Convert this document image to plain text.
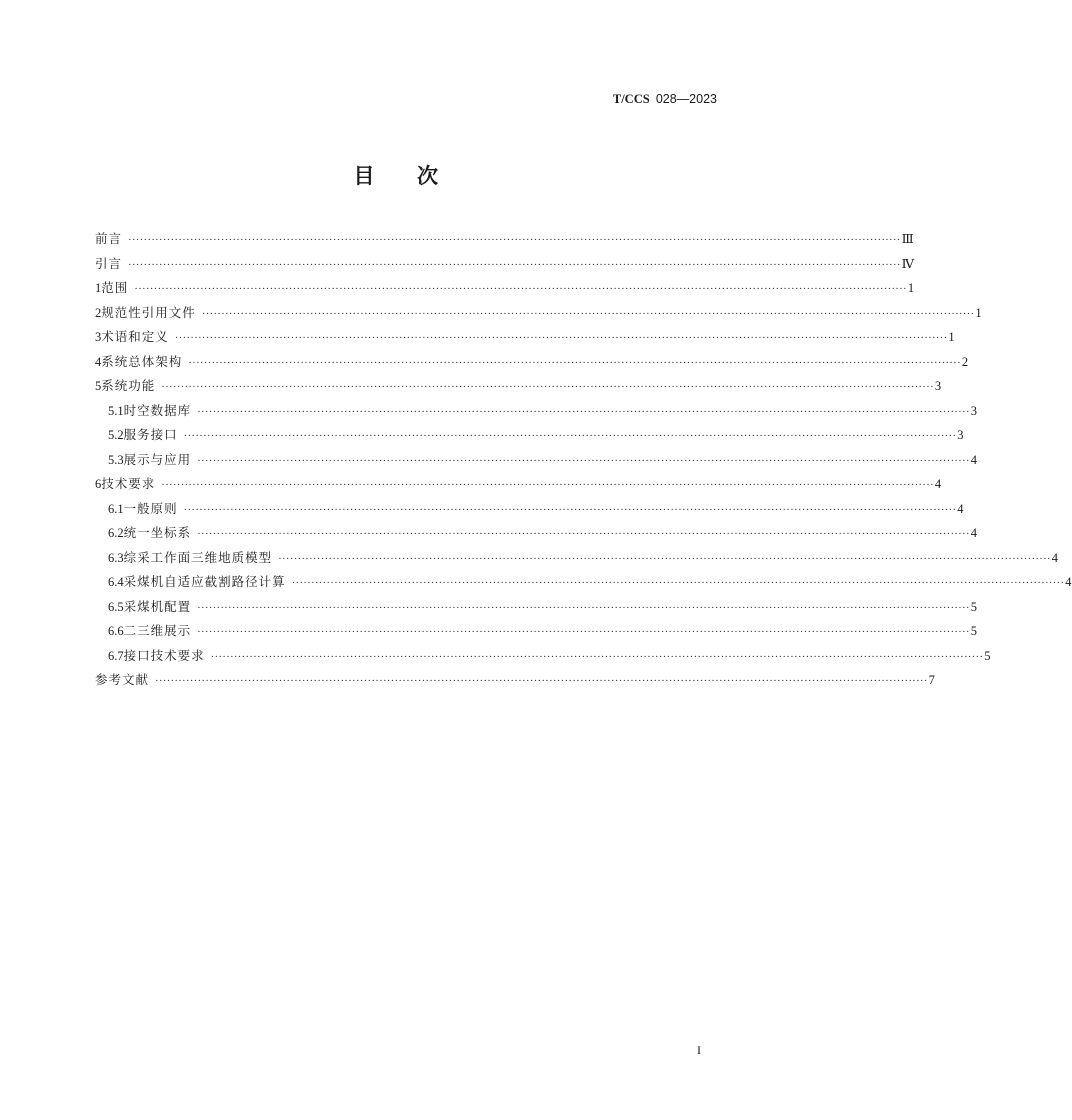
T/CCS 028—2023
目 次
前言 ········································································································································································································ Ⅲ
引言 ········································································································································································································ Ⅳ
1 范围 ········································································································································································································ 1
2 规范性引用文件 ········································································································································································································ 1
3 术语和定义 ········································································································································································································ 1
4 系统总体架构 ········································································································································································································ 2
5 系统功能 ········································································································································································································ 3
5.1 时空数据库 ········································································································································································································ 3
5.2 服务接口 ········································································································································································································ 3
5.3 展示与应用 ········································································································································································································ 4
6 技术要求 ········································································································································································································ 4
6.1 一般原则 ········································································································································································································ 4
6.2 统一坐标系 ········································································································································································································ 4
6.3 综采工作面三维地质模型 ········································································································································································································ 4
6.4 采煤机自适应截割路径计算 ········································································································································································································ 4
6.5 采煤机配置 ········································································································································································································ 5
6.6 二三维展示 ········································································································································································································ 5
6.7 接口技术要求 ········································································································································································································ 5
参考文献 ········································································································································································································ 7
I
